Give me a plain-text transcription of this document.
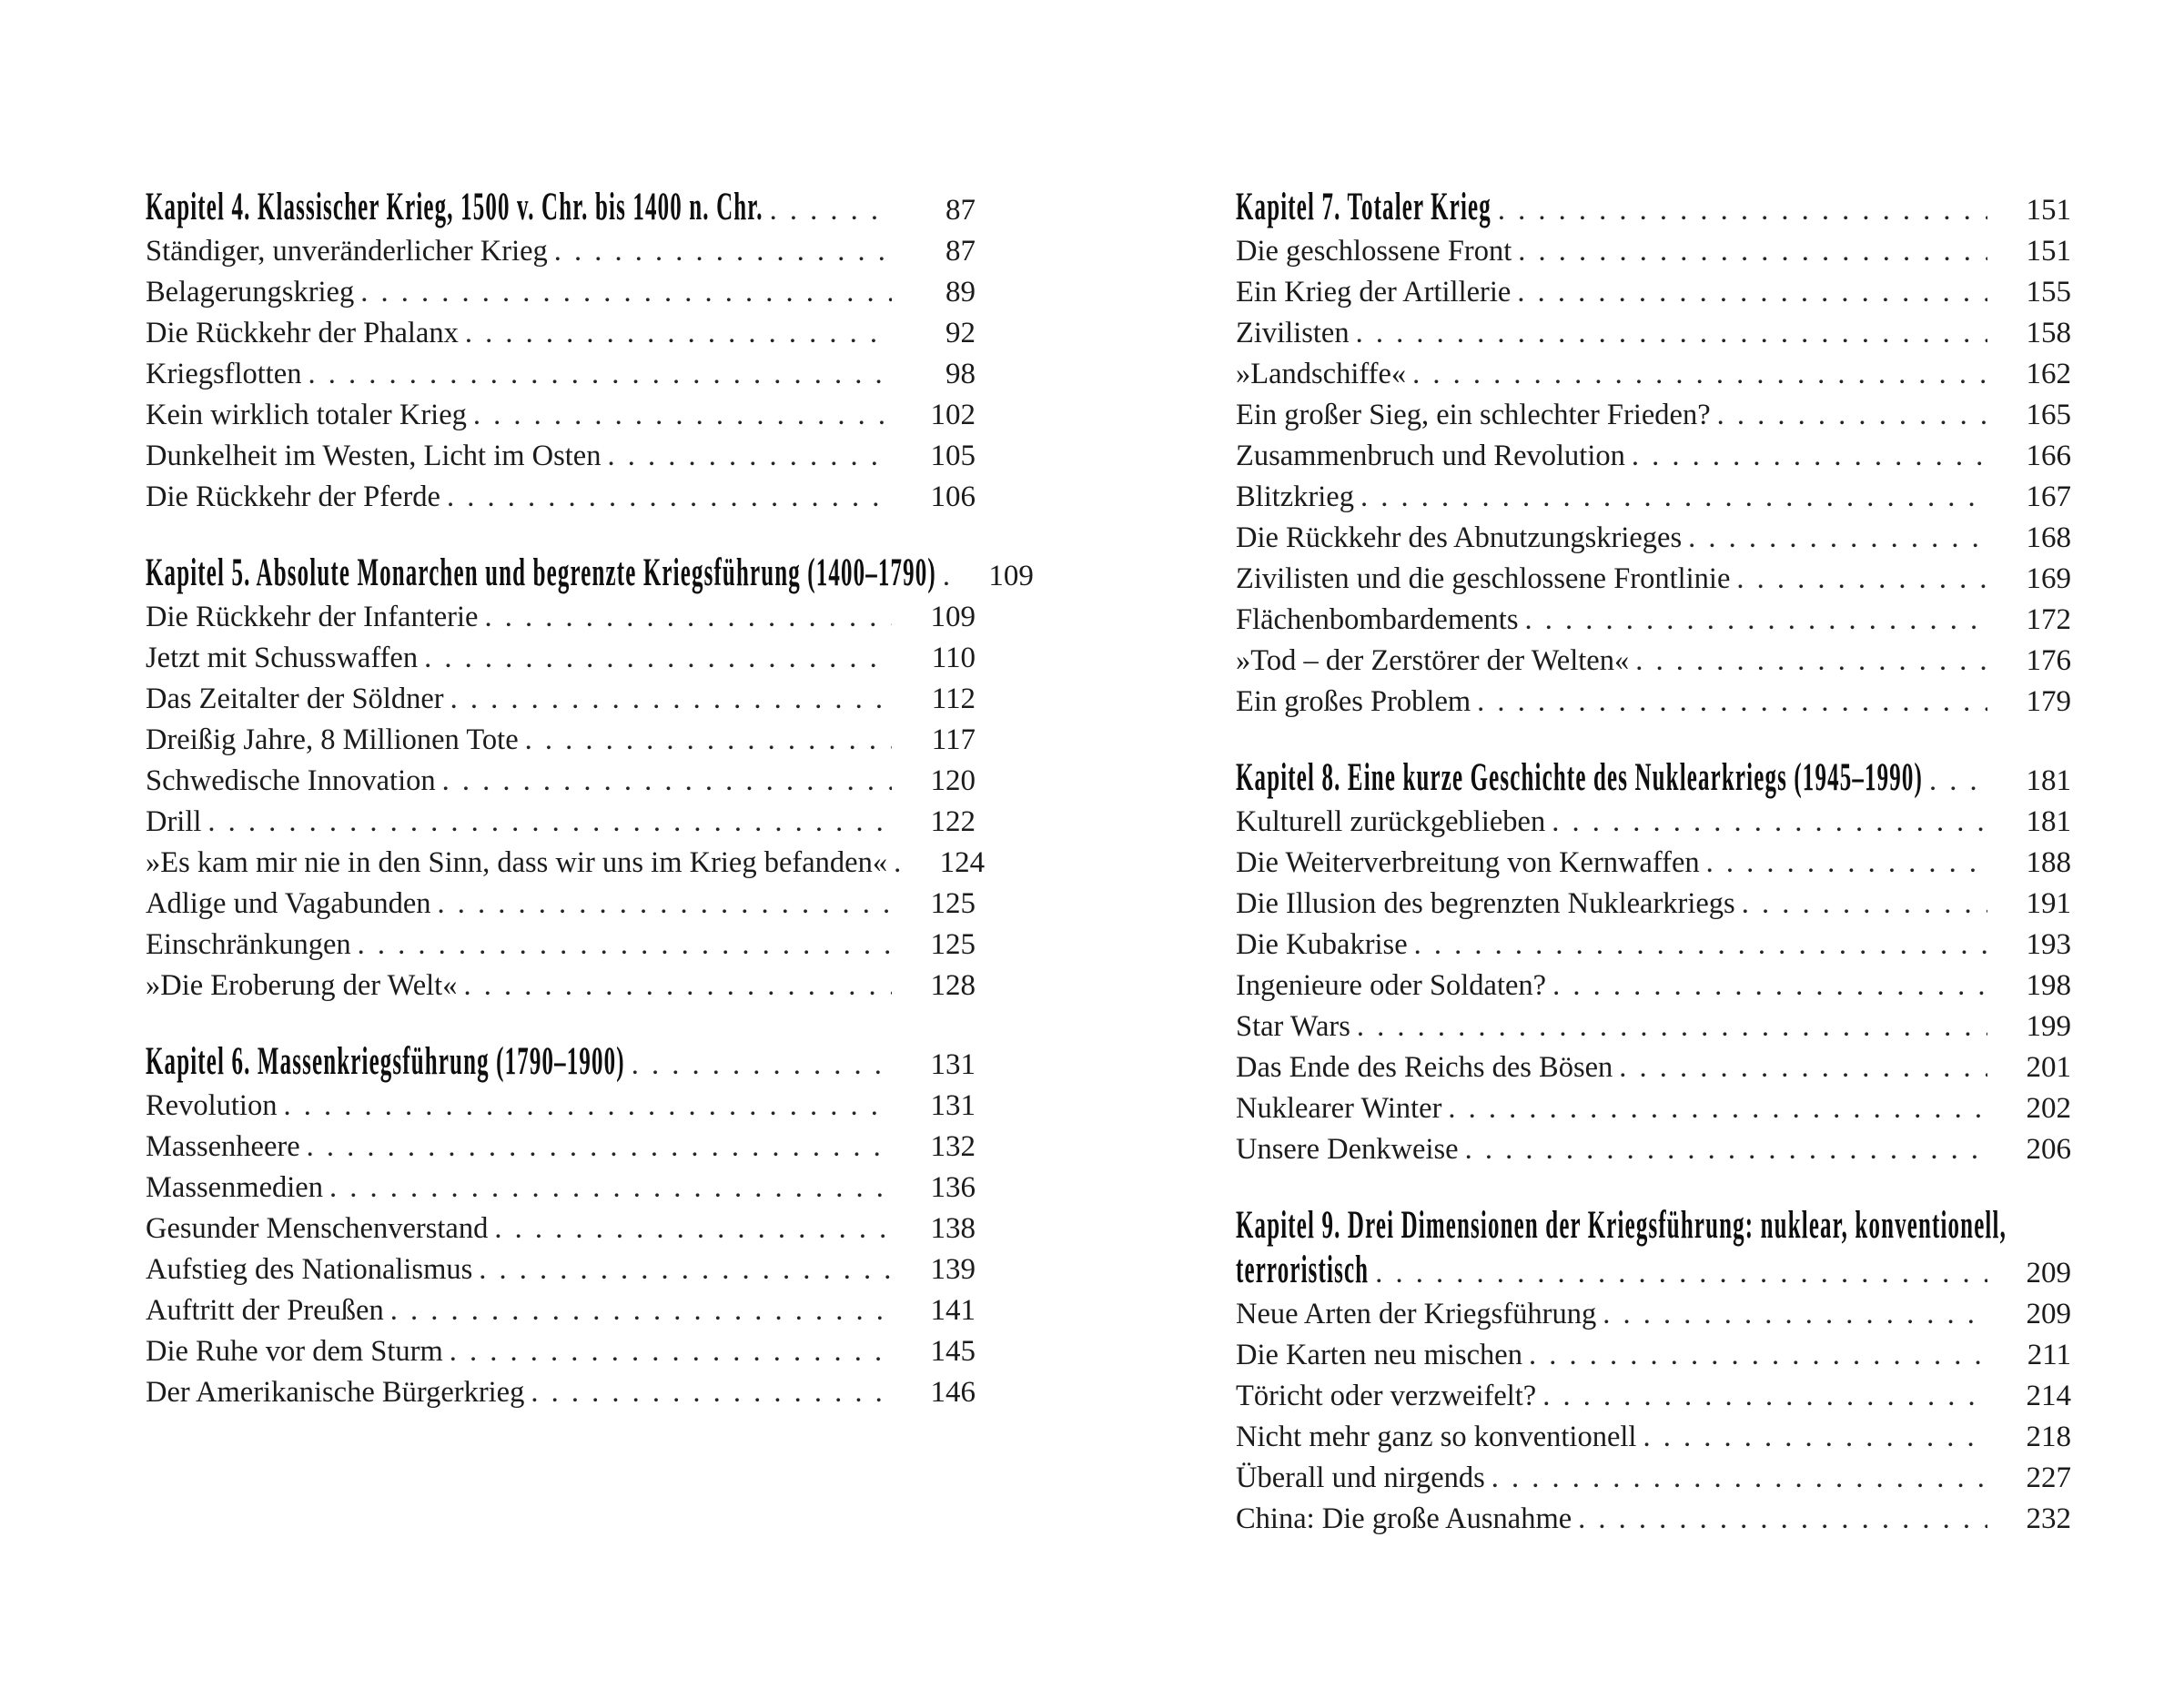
Kapitel 4. Klassischer Krieg, 1500 v. Chr. bis 1400 n. Chr. . . .	87
Ständiger, unveränderlicher Krieg . . .	87
Belagerungskrieg . . .	89
Die Rückkehr der Phalanx . . .	92
Kriegsflotten . . .	98
Kein wirklich totaler Krieg . . .	102
Dunkelheit im Westen, Licht im Osten . . .	105
Die Rückkehr der Pferde . . .	106
Kapitel 5. Absolute Monarchen und begrenzte Kriegsführung (1400–1790) . . .	109
Die Rückkehr der Infanterie . . .	109
Jetzt mit Schusswaffen . . .	110
Das Zeitalter der Söldner . . .	112
Dreißig Jahre, 8 Millionen Tote . . .	117
Schwedische Innovation . . .	120
Drill . . .	122
»Es kam mir nie in den Sinn, dass wir uns im Krieg befanden« . . .	124
Adlige und Vagabunden . . .	125
Einschränkungen . . .	125
»Die Eroberung der Welt« . . .	128
Kapitel 6. Massenkriegsführung (1790–1900) . . .	131
Revolution . . .	131
Massenheere . . .	132
Massenmedien . . .	136
Gesunder Menschenverstand . . .	138
Aufstieg des Nationalismus . . .	139
Auftritt der Preußen . . .	141
Die Ruhe vor dem Sturm . . .	145
Der Amerikanische Bürgerkrieg . . .	146
Kapitel 7. Totaler Krieg . . .	151
Die geschlossene Front . . .	151
Ein Krieg der Artillerie . . .	155
Zivilisten . . .	158
»Landschiffe« . . .	162
Ein großer Sieg, ein schlechter Frieden? . . .	165
Zusammenbruch und Revolution . . .	166
Blitzkrieg . . .	167
Die Rückkehr des Abnutzungskrieges . . .	168
Zivilisten und die geschlossene Frontlinie . . .	169
Flächenbombardements . . .	172
»Tod – der Zerstörer der Welten« . . .	176
Ein großes Problem . . .	179
Kapitel 8. Eine kurze Geschichte des Nuklearkriegs (1945–1990) . . .	181
Kulturell zurückgeblieben . . .	181
Die Weiterverbreitung von Kernwaffen . . .	188
Die Illusion des begrenzten Nuklearkriegs . . .	191
Die Kubakrise . . .	193
Ingenieure oder Soldaten? . . .	198
Star Wars . . .	199
Das Ende des Reichs des Bösen . . .	201
Nuklearer Winter . . .	202
Unsere Denkweise . . .	206
Kapitel 9. Drei Dimensionen der Kriegsführung: nuklear, konventionell,
terroristisch . . .	209
Neue Arten der Kriegsführung . . .	209
Die Karten neu mischen . . .	211
Töricht oder verzweifelt? . . .	214
Nicht mehr ganz so konventionell . . .	218
Überall und nirgends . . .	227
China: Die große Ausnahme . . .	232
